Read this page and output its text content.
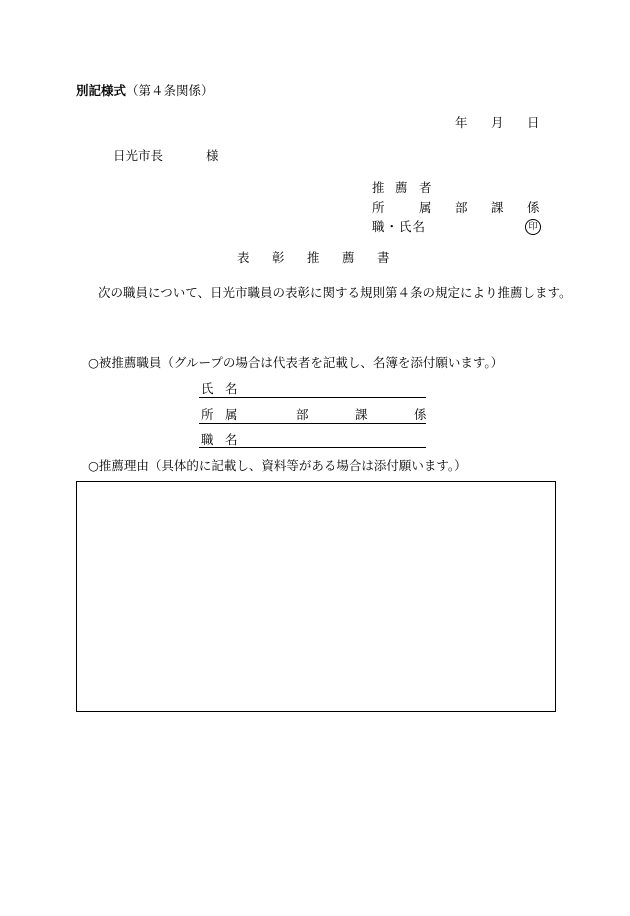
別記様式（第４条関係）
年 月 日
日光市長	様
推 薦 者
所	属 部 課 係
職・氏名	印
表 彰 推 薦 書
次の職員について、日光市職員の表彰に関する規則第４条の規定により推薦します。
○被推薦職員（グループの場合は代表者を記載し、名簿を添付願います。）
氏 名
所 属	部	課	係
職 名
○推薦理由（具体的に記載し、資料等がある場合は添付願います。）
